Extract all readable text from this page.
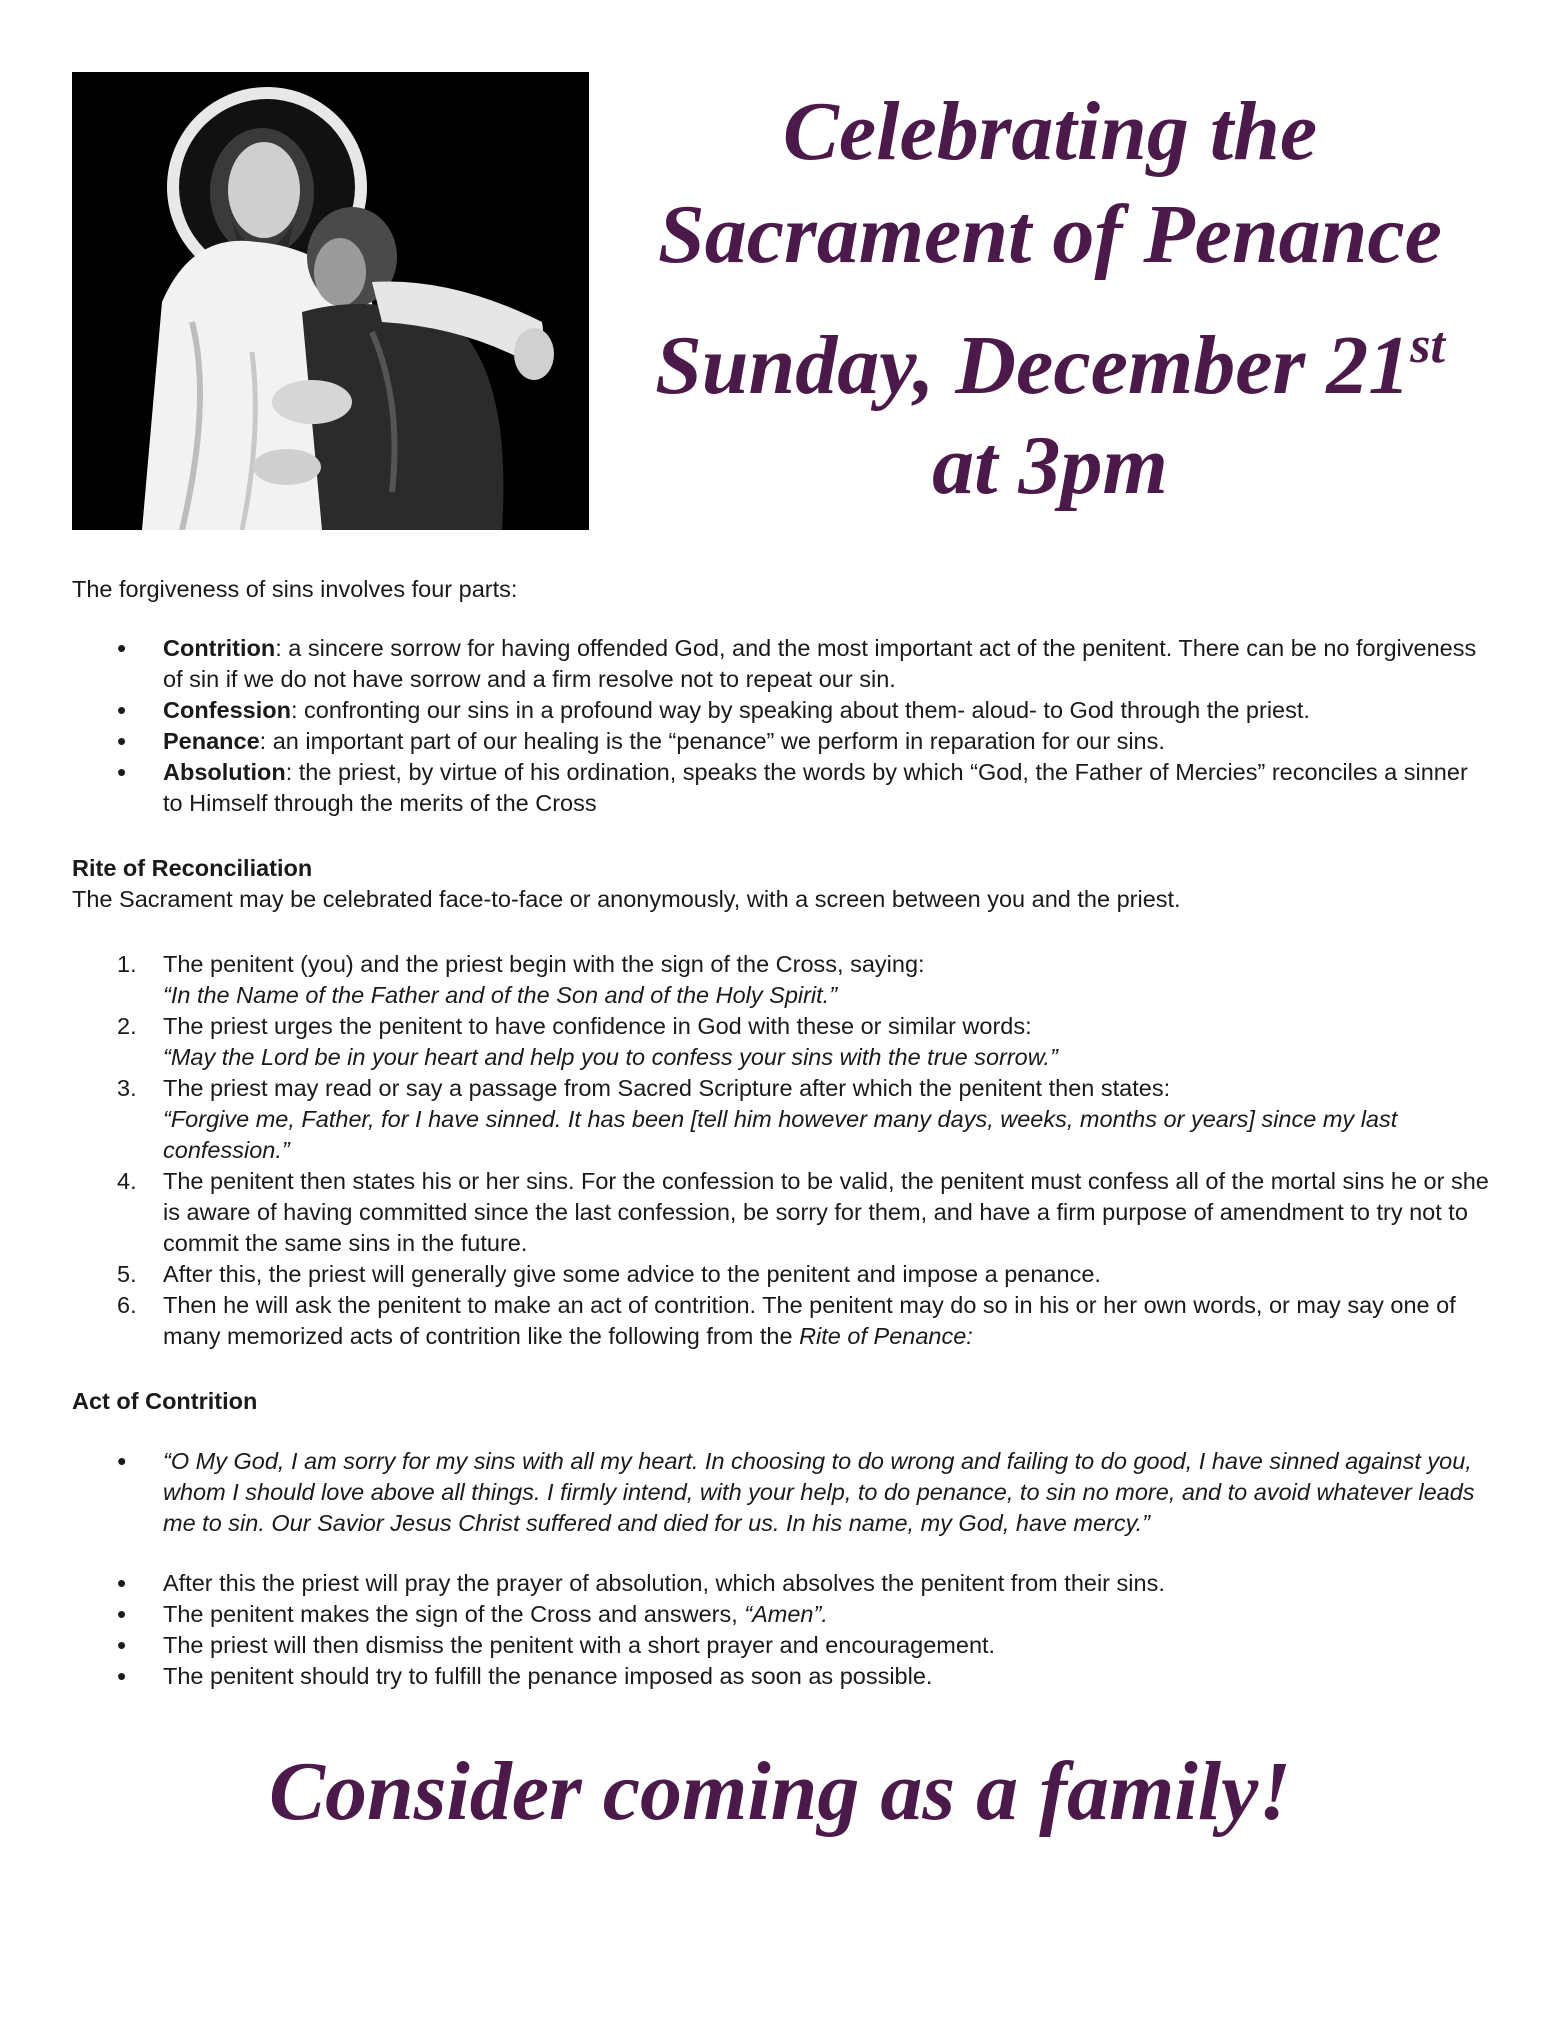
Celebrating the

Sacrament of Penance

Sunday, December 21st

at 3pm

The forgiveness of sins involves four parts:

• Contrition: a sincere sorrow for having offended God, and the most important act of the penitent. There can be no forgiveness of sin if we do not have sorrow and a firm resolve not to repeat our sin.
• Confession: confronting our sins in a profound way by speaking about them- aloud- to God through the priest.
• Penance: an important part of our healing is the “penance” we perform in reparation for our sins.
• Absolution: the priest, by virtue of his ordination, speaks the words by which “God, the Father of Mercies” reconciles a sinner to Himself through the merits of the Cross

Rite of Reconciliation

The Sacrament may be celebrated face-to-face or anonymously, with a screen between you and the priest.

1. The penitent (you) and the priest begin with the sign of the Cross, saying:
“In the Name of the Father and of the Son and of the Holy Spirit.”
2. The priest urges the penitent to have confidence in God with these or similar words:
“May the Lord be in your heart and help you to confess your sins with the true sorrow.”
3. The priest may read or say a passage from Sacred Scripture after which the penitent then states:
“Forgive me, Father, for I have sinned. It has been [tell him however many days, weeks, months or years] since my last confession.”
4. The penitent then states his or her sins. For the confession to be valid, the penitent must confess all of the mortal sins he or she is aware of having committed since the last confession, be sorry for them, and have a firm purpose of amendment to try not to commit the same sins in the future.
5. After this, the priest will generally give some advice to the penitent and impose a penance.
6. Then he will ask the penitent to make an act of contrition. The penitent may do so in his or her own words, or may say one of many memorized acts of contrition like the following from the Rite of Penance:

Act of Contrition

• “O My God, I am sorry for my sins with all my heart. In choosing to do wrong and failing to do good, I have sinned against you, whom I should love above all things. I firmly intend, with your help, to do penance, to sin no more, and to avoid whatever leads me to sin. Our Savior Jesus Christ suffered and died for us. In his name, my God, have mercy.”
• After this the priest will pray the prayer of absolution, which absolves the penitent from their sins.
• The penitent makes the sign of the Cross and answers, “Amen”.
• The priest will then dismiss the penitent with a short prayer and encouragement.
• The penitent should try to fulfill the penance imposed as soon as possible.
Consider coming as a family!
